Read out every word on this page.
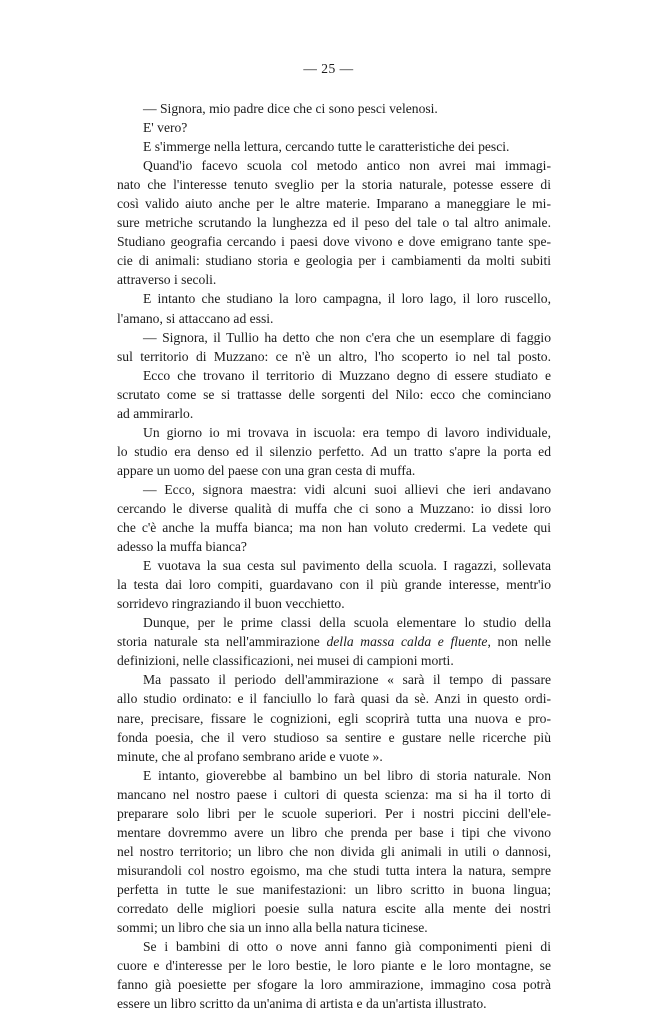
— 25 —
— Signora, mio padre dice che ci sono pesci velenosi.
E' vero?
E s'immerge nella lettura, cercando tutte le caratteristiche dei pesci.
Quand'io facevo scuola col metodo antico non avrei mai immagi-
nato che l'interesse tenuto sveglio per la storia naturale, potesse essere di
così valido aiuto anche per le altre materie. Imparano a maneggiare le mi-
sure metriche scrutando la lunghezza ed il peso del tale o tal altro animale.
Studiano geografia cercando i paesi dove vivono e dove emigrano tante spe-
cie di animali: studiano storia e geologia per i cambiamenti da molti subiti
attraverso i secoli.
E intanto che studiano la loro campagna, il loro lago, il loro ruscello,
l'amano, si attaccano ad essi.
— Signora, il Tullio ha detto che non c'era che un esemplare di faggio
sul territorio di Muzzano: ce n'è un altro, l'ho scoperto io nel tal posto.
Ecco che trovano il territorio di Muzzano degno di essere studiato e
scrutato come se si trattasse delle sorgenti del Nilo: ecco che cominciano
ad ammirarlo.
Un giorno io mi trovava in iscuola: era tempo di lavoro individuale,
lo studio era denso ed il silenzio perfetto. Ad un tratto s'apre la porta ed
appare un uomo del paese con una gran cesta di muffa.
— Ecco, signora maestra: vidi alcuni suoi allievi che ieri andavano
cercando le diverse qualità di muffa che ci sono a Muzzano: io dissi loro
che c'è anche la muffa bianca; ma non han voluto credermi. La vedete qui
adesso la muffa bianca?
E vuotava la sua cesta sul pavimento della scuola. I ragazzi, sollevata
la testa dai loro compiti, guardavano con il più grande interesse, mentr'io
sorridevo ringraziando il buon vecchietto.
Dunque, per le prime classi della scuola elementare lo studio della
storia naturale sta nell'ammirazione della massa calda e fluente, non nelle
definizioni, nelle classificazioni, nei musei di campioni morti.
Ma passato il periodo dell'ammirazione « sarà il tempo di passare
allo studio ordinato: e il fanciullo lo farà quasi da sè. Anzi in questo ordi-
nare, precisare, fissare le cognizioni, egli scoprirà tutta una nuova e pro-
fonda poesia, che il vero studioso sa sentire e gustare nelle ricerche più
minute, che al profano sembrano aride e vuote ».
E intanto, gioverebbe al bambino un bel libro di storia naturale. Non
mancano nel nostro paese i cultori di questa scienza: ma si ha il torto di
preparare solo libri per le scuole superiori. Per i nostri piccini dell'ele-
mentare dovremmo avere un libro che prenda per base i tipi che vivono
nel nostro territorio; un libro che non divida gli animali in utili o dannosi,
misurandoli col nostro egoismo, ma che studi tutta intera la natura, sempre
perfetta in tutte le sue manifestazioni: un libro scritto in buona lingua;
corredato delle migliori poesie sulla natura escite alla mente dei nostri
sommi; un libro che sia un inno alla bella natura ticinese.
Se i bambini di otto o nove anni fanno già componimenti pieni di
cuore e d'interesse per le loro bestie, le loro piante e le loro montagne, se
fanno già poesiette per sfogare la loro ammirazione, immagino cosa potrà
essere un libro scritto da un'anima di artista e da un'artista illustrato.
